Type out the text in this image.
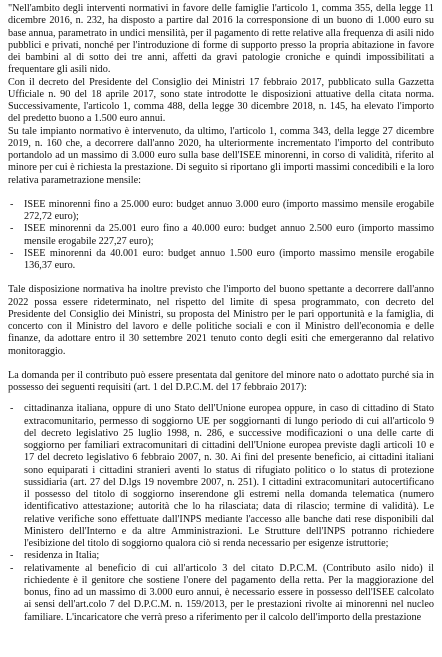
"Nell'ambito degli interventi normativi in favore delle famiglie l'articolo 1, comma 355, della legge 11 dicembre 2016, n. 232, ha disposto a partire dal 2016 la corresponsione di un buono di 1.000 euro su base annua, parametrato in undici mensilità, per il pagamento di rette relative alla frequenza di asili nido pubblici e privati, nonché per l'introduzione di forme di supporto presso la propria abitazione in favore dei bambini al di sotto dei tre anni, affetti da gravi patologie croniche e quindi impossibilitati a frequentare gli asili nido.

Con il decreto del Presidente del Consiglio dei Ministri 17 febbraio 2017, pubblicato sulla Gazzetta Ufficiale n. 90 del 18 aprile 2017, sono state introdotte le disposizioni attuative della citata norma. Successivamente, l'articolo 1, comma 488, della legge 30 dicembre 2018, n. 145, ha elevato l'importo del predetto buono a 1.500 euro annui.

Su tale impianto normativo è intervenuto, da ultimo, l'articolo 1, comma 343, della legge 27 dicembre 2019, n. 160 che, a decorrere dall'anno 2020, ha ulteriormente incrementato l'importo del contributo portandolo ad un massimo di 3.000 euro sulla base dell'ISEE minorenni, in corso di validità, riferito al minore per cui è richiesta la prestazione. Di seguito si riportano gli importi massimi concedibili e la loro relativa parametrazione mensile:

- ISEE minorenni fino a 25.000 euro: budget annuo 3.000 euro (importo massimo mensile erogabile 272,72 euro);
- ISEE minorenni da 25.001 euro fino a 40.000 euro: budget annuo 2.500 euro (importo massimo mensile erogabile 227,27 euro);
- ISEE minorenni da 40.001 euro: budget annuo 1.500 euro (importo massimo mensile erogabile 136,37 euro.

Tale disposizione normativa ha inoltre previsto che l'importo del buono spettante a decorrere dall'anno 2022 possa essere rideterminato, nel rispetto del limite di spesa programmato, con decreto del Presidente del Consiglio dei Ministri, su proposta del Ministro per le pari opportunità e la famiglia, di concerto con il Ministro del lavoro e delle politiche sociali e con il Ministro dell'economia e delle finanze, da adottare entro il 30 settembre 2021 tenuto conto degli esiti che emergeranno dal relativo monitoraggio.

La domanda per il contributo può essere presentata dal genitore del minore nato o adottato purché sia in possesso dei seguenti requisiti (art. 1 del D.P.C.M. del 17 febbraio 2017):

- cittadinanza italiana, oppure di uno Stato dell'Unione europea oppure, in caso di cittadino di Stato extracomunitario, permesso di soggiorno UE per soggiornanti di lungo periodo di cui all'articolo 9 del decreto legislativo 25 luglio 1998, n. 286, e successive modificazioni o una delle carte di soggiorno per familiari extracomunitari di cittadini dell'Unione europea previste dagli articoli 10 e 17 del decreto legislativo 6 febbraio 2007, n. 30. Ai fini del presente beneficio, ai cittadini italiani sono equiparati i cittadini stranieri aventi lo status di rifugiato politico o lo status di protezione sussidiaria (art. 27 del D.lgs 19 novembre 2007, n. 251). I cittadini extracomunitari autocertificano il possesso del titolo di soggiorno inserendone gli estremi nella domanda telematica (numero identificativo attestazione; autorità che lo ha rilasciata; data di rilascio; termine di validità). Le relative verifiche sono effettuate dall'INPS mediante l'accesso alle banche dati rese disponibili dal Ministero dell'Interno e da altre Amministrazioni. Le Strutture dell'INPS potranno richiedere l'esibizione del titolo di soggiorno qualora ciò si renda necessario per esigenze istruttorie;
- residenza in Italia;
- relativamente al beneficio di cui all'articolo 3 del citato D.P.C.M. (Contributo asilo nido) il richiedente è il genitore che sostiene l'onere del pagamento della retta. Per la maggiorazione del bonus, fino ad un massimo di 3.000 euro annui, è necessario essere in possesso dell'ISEE calcolato ai sensi dell'art.colo 7 del D.P.C.M. n. 159/2013, per le prestazioni rivolte ai minorenni nel nucleo familiare. L'incaricatore che verrà preso a riferimento per il calcolo dell'importo della prestazione
